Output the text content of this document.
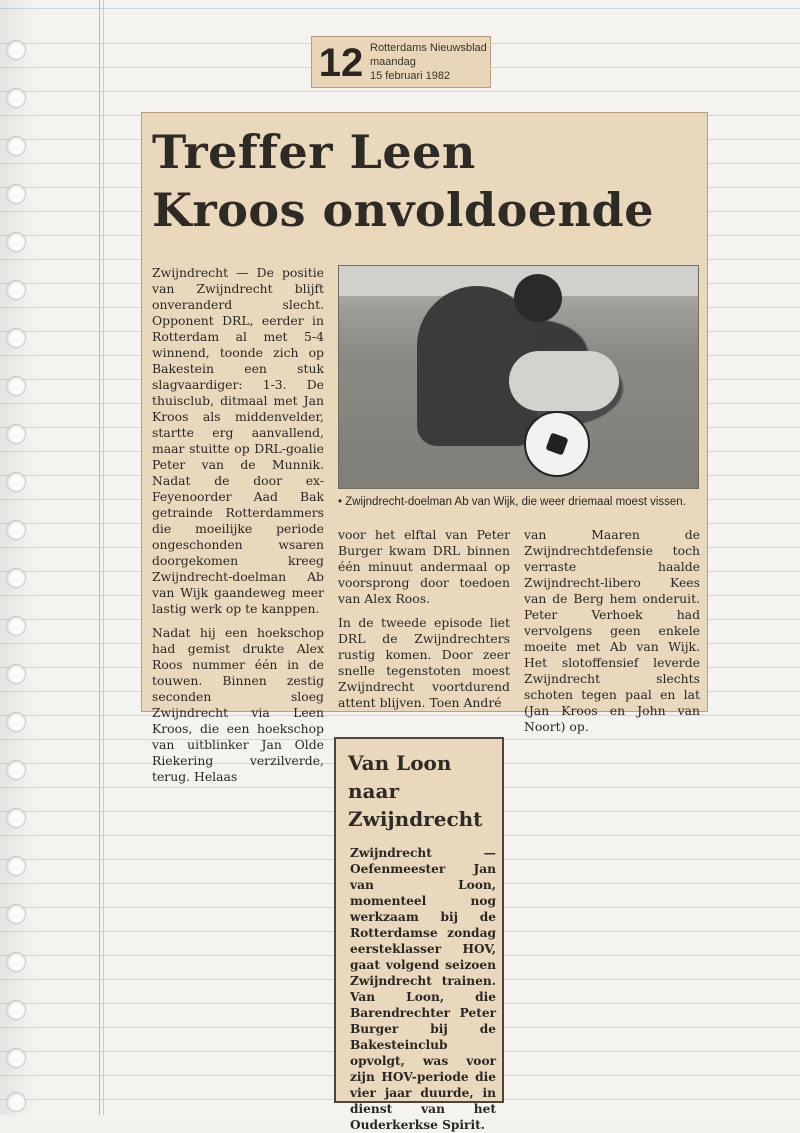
12 Rotterdams Nieuwsblad
maandag
15 februari 1982
Treffer Leen
Kroos onvoldoende

Zwijndrecht — De positie van Zwijndrecht blijft onveranderd slecht. Opponent DRL, eerder in Rotterdam al met 5-4 winnend, toonde zich op Bakestein een stuk slagvaardiger: 1-3. De thuisclub, ditmaal met Jan Kroos als middenvelder, startte erg aanvallend, maar stuitte op DRL-goalie Peter van de Munnik. Nadat de door ex-Feyenoorder Aad Bak getrainde Rotterdammers die moeilijke periode ongeschonden wsaren doorgekomen kreeg Zwijndrecht-doelman Ab van Wijk gaandeweg meer lastig werk op te kanppen.

Nadat hij een hoekschop had gemist drukte Alex Roos nummer één in de touwen. Binnen zestig seconden sloeg Zwijndrecht via Leen Kroos, die een hoekschop van uitblinker Jan Olde Riekering verzilverde, terug. Helaas

• Zwijndrecht-doelman Ab van Wijk, die weer driemaal moest vissen.

voor het elftal van Peter Burger kwam DRL binnen één minuut andermaal op voorsprong door toedoen van Alex Roos.

In de tweede episode liet DRL de Zwijndrechters rustig komen. Door zeer snelle tegenstoten moest Zwijndrecht voortdurend attent blijven. Toen André

van Maaren de Zwijndrechtdefensie toch verraste haalde Zwijndrecht-libero Kees van de Berg hem onderuit. Peter Verhoek had vervolgens geen enkele moeite met Ab van Wijk. Het slotoffensief leverde Zwijndrecht slechts schoten tegen paal en lat (Jan Kroos en John van Noort) op.

Van Loon
naar
Zwijndrecht
Zwijndrecht — Oefenmeester Jan van Loon, momenteel nog werkzaam bij de Rotterdamse zondag eersteklasser HOV, gaat volgend seizoen Zwijndrecht trainen. Van Loon, die Barendrechter Peter Burger bij de Bakesteinclub opvolgt, was voor zijn HOV-periode die vier jaar duurde, in dienst van het Ouderkerkse Spirit.
